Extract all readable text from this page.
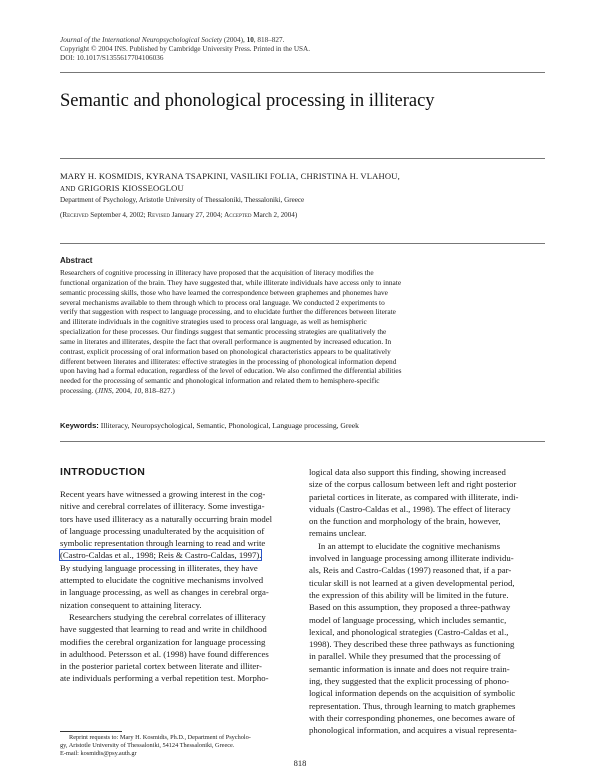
Journal of the International Neuropsychological Society (2004), 10, 818–827.
Copyright © 2004 INS. Published by Cambridge University Press. Printed in the USA.
DOI: 10.1017/S1355617704106036
Semantic and phonological processing in illiteracy
MARY H. KOSMIDIS, KYRANA TSAPKINI, VASILIKI FOLIA, CHRISTINA H. VLAHOU,
AND GRIGORIS KIOSSEOGLOU
Department of Psychology, Aristotle University of Thessaloniki, Thessaloniki, Greece
(Received September 4, 2002; Revised January 27, 2004; Accepted March 2, 2004)
Abstract
Researchers of cognitive processing in illiteracy have proposed that the acquisition of literacy modifies the
functional organization of the brain. They have suggested that, while illiterate individuals have access only to innate
semantic processing skills, those who have learned the correspondence between graphemes and phonemes have
several mechanisms available to them through which to process oral language. We conducted 2 experiments to
verify that suggestion with respect to language processing, and to elucidate further the differences between literate
and illiterate individuals in the cognitive strategies used to process oral language, as well as hemispheric
specialization for these processes. Our findings suggest that semantic processing strategies are qualitatively the
same in literates and illiterates, despite the fact that overall performance is augmented by increased education. In
contrast, explicit processing of oral information based on phonological characteristics appears to be qualitatively
different between literates and illiterates: effective strategies in the processing of phonological information depend
upon having had a formal education, regardless of the level of education. We also confirmed the differential abilities
needed for the processing of semantic and phonological information and related them to hemisphere-specific
processing. (JINS, 2004, 10, 818–827.)
Keywords: Illiteracy, Neuropsychological, Semantic, Phonological, Language processing, Greek
INTRODUCTION
Recent years have witnessed a growing interest in the cog-
nitive and cerebral correlates of illiteracy. Some investiga-
tors have used illiteracy as a naturally occurring brain model
of language processing unadulterated by the acquisition of
symbolic representation through learning to read and write
(Castro-Caldas et al., 1998; Reis & Castro-Caldas, 1997).
By studying language processing in illiterates, they have
attempted to elucidate the cognitive mechanisms involved
in language processing, as well as changes in cerebral orga-
nization consequent to attaining literacy.
Researchers studying the cerebral correlates of illiteracy
have suggested that learning to read and write in childhood
modifies the cerebral organization for language processing
in adulthood. Petersson et al. (1998) have found differences
in the posterior parietal cortex between literate and illiter-
ate individuals performing a verbal repetition test. Morpho-
logical data also support this finding, showing increased
size of the corpus callosum between left and right posterior
parietal cortices in literate, as compared with illiterate, indi-
viduals (Castro-Caldas et al., 1998). The effect of literacy
on the function and morphology of the brain, however,
remains unclear.
In an attempt to elucidate the cognitive mechanisms
involved in language processing among illiterate individu-
als, Reis and Castro-Caldas (1997) reasoned that, if a par-
ticular skill is not learned at a given developmental period,
the expression of this ability will be limited in the future.
Based on this assumption, they proposed a three-pathway
model of language processing, which includes semantic,
lexical, and phonological strategies (Castro-Caldas et al.,
1998). They described these three pathways as functioning
in parallel. While they presumed that the processing of
semantic information is innate and does not require train-
ing, they suggested that the explicit processing of phono-
logical information depends on the acquisition of symbolic
representation. Thus, through learning to match graphemes
with their corresponding phonemes, one becomes aware of
phonological information, and acquires a visual representa-
Reprint requests to: Mary H. Kosmidis, Ph.D., Department of Psycholo-
gy, Aristotle University of Thessaloniki, 54124 Thessaloniki, Greece.
E-mail: kosmidis@psy.auth.gr
818
